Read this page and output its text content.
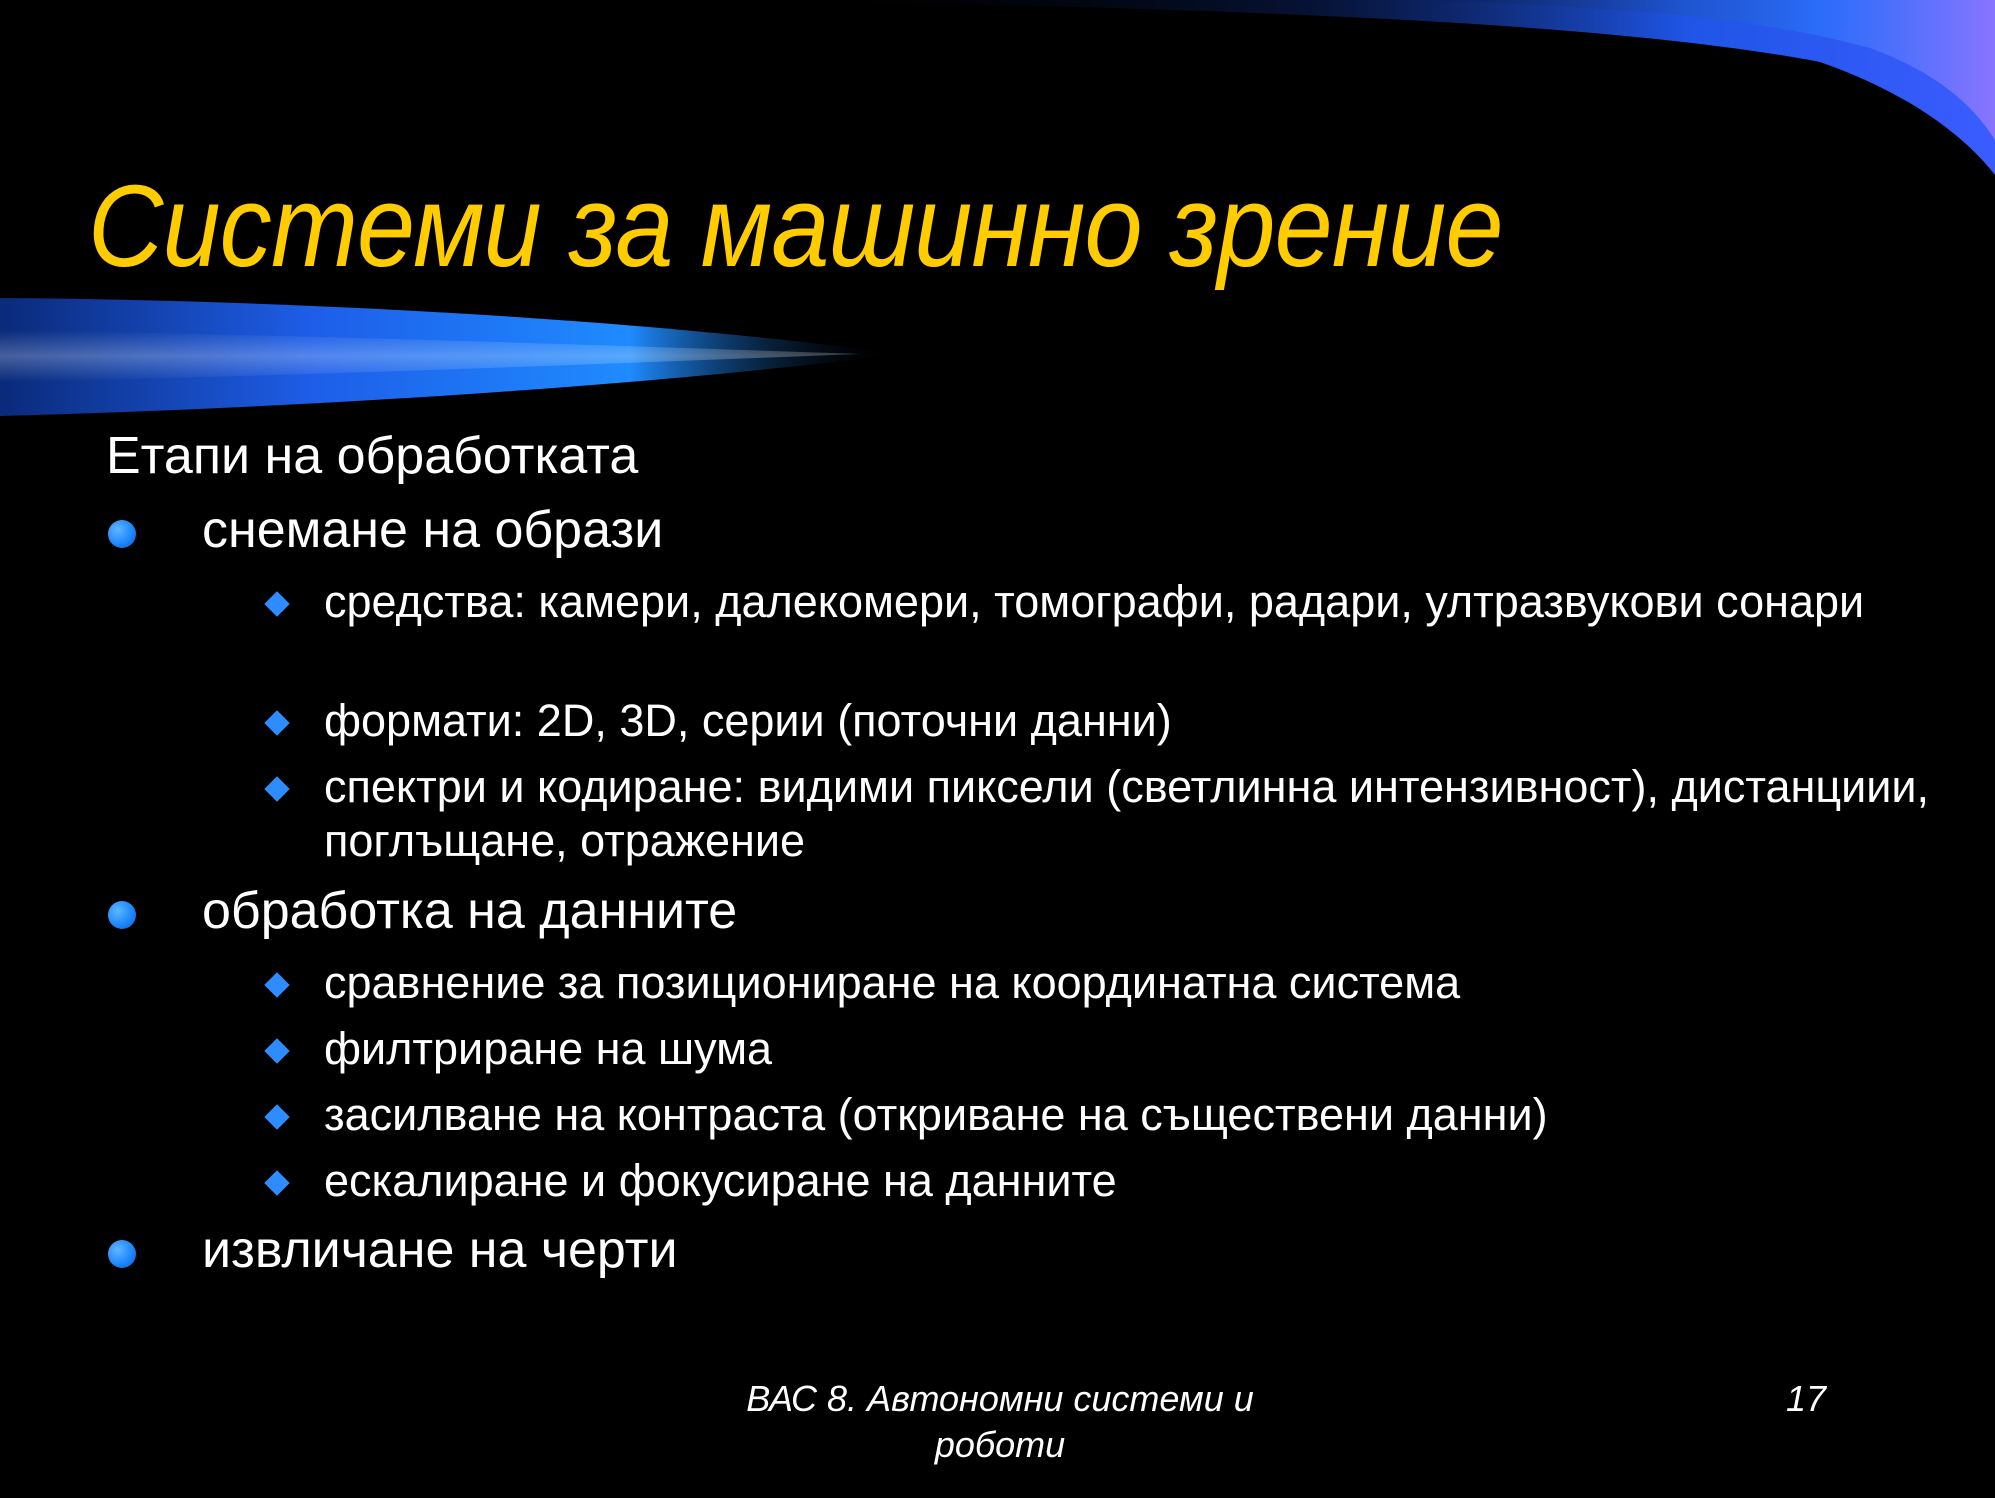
Системи за машинно зрение
Етапи на обработката
снемане на образи
средства: камери, далекомери, томографи, радари, ултразвукови сонари
формати: 2D, 3D, серии (поточни данни)
спектри и кодиране: видими пиксели (светлинна интензивност), дистанциии, поглъщане, отражение
обработка на данните
сравнение за позициониране на координатна система
филтриране на шума
засилване на контраста (откриване на съществени данни)
ескалиране и фокусиране на данните
извличане на черти
ВАС 8. Автономни системи и роботи
17
